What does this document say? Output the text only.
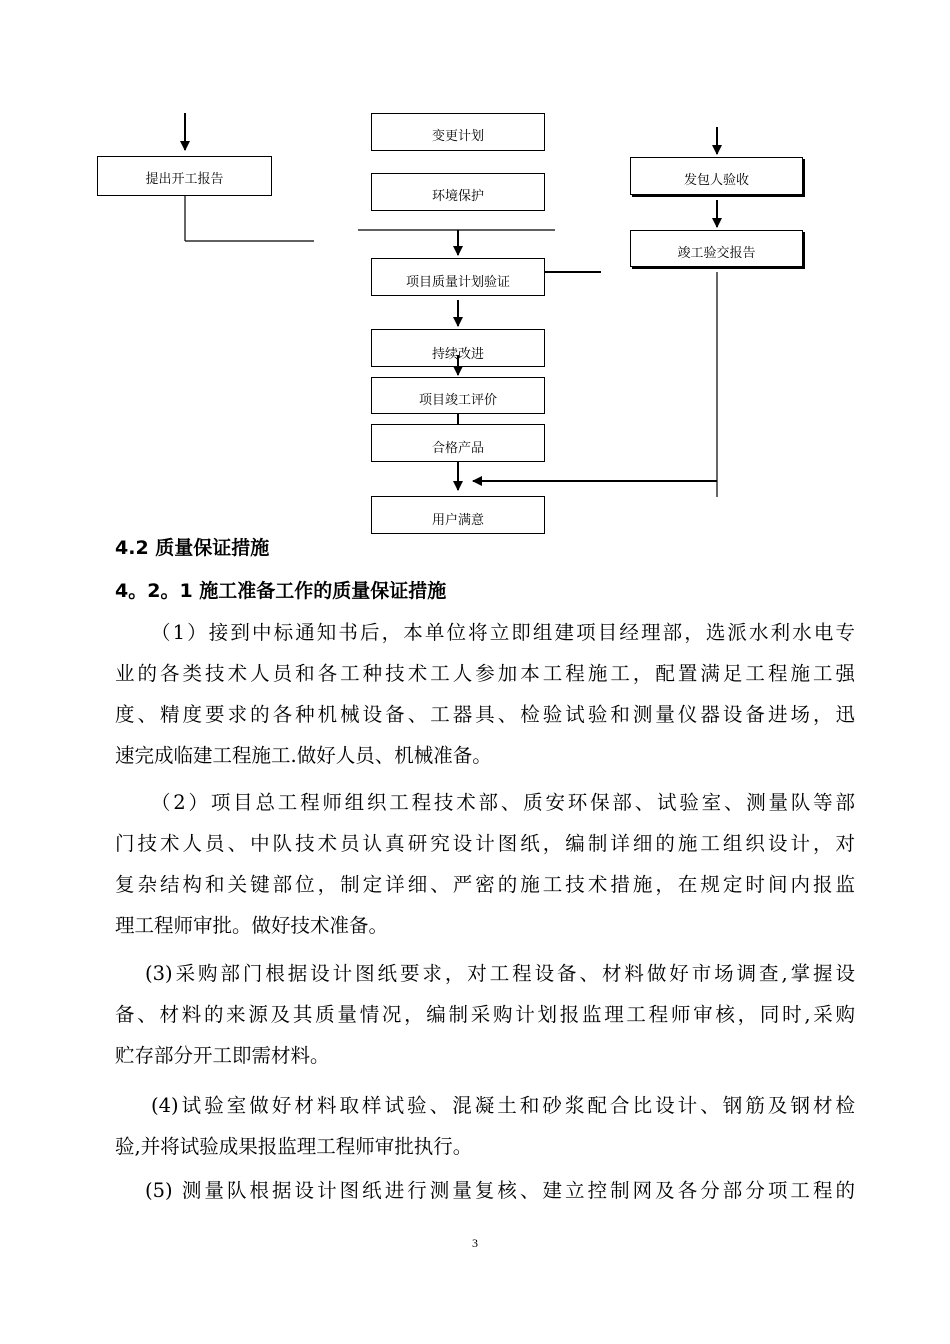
提出开工报告
变更计划
环境保护
项目质量计划验证
持续改进
项目竣工评价
合格产品
用户满意
发包人验收
竣工验交报告
4.2 质量保证措施
4。2。1 施工准备工作的质量保证措施

（1）接到中标通知书后，本单位将立即组建项目经理部，选派水利水电专
业的各类技术人员和各工种技术工人参加本工程施工，配置满足工程施工强
度、精度要求的各种机械设备、工器具、检验试验和测量仪器设备进场，迅
速完成临建工程施工.做好人员、机械准备。

（2）项目总工程师组织工程技术部、质安环保部、试验室、测量队等部
门技术人员、中队技术员认真研究设计图纸，编制详细的施工组织设计，对
复杂结构和关键部位，制定详细、严密的施工技术措施，在规定时间内报监
理工程师审批。做好技术准备。

(3)采购部门根据设计图纸要求，对工程设备、材料做好市场调查,掌握设
备、材料的来源及其质量情况，编制采购计划报监理工程师审核，同时,采购
贮存部分开工即需材料。

(4)试验室做好材料取样试验、混凝土和砂浆配合比设计、钢筋及钢材检
验,并将试验成果报监理工程师审批执行。

(5) 测量队根据设计图纸进行测量复核、建立控制网及各分部分项工程的

3
